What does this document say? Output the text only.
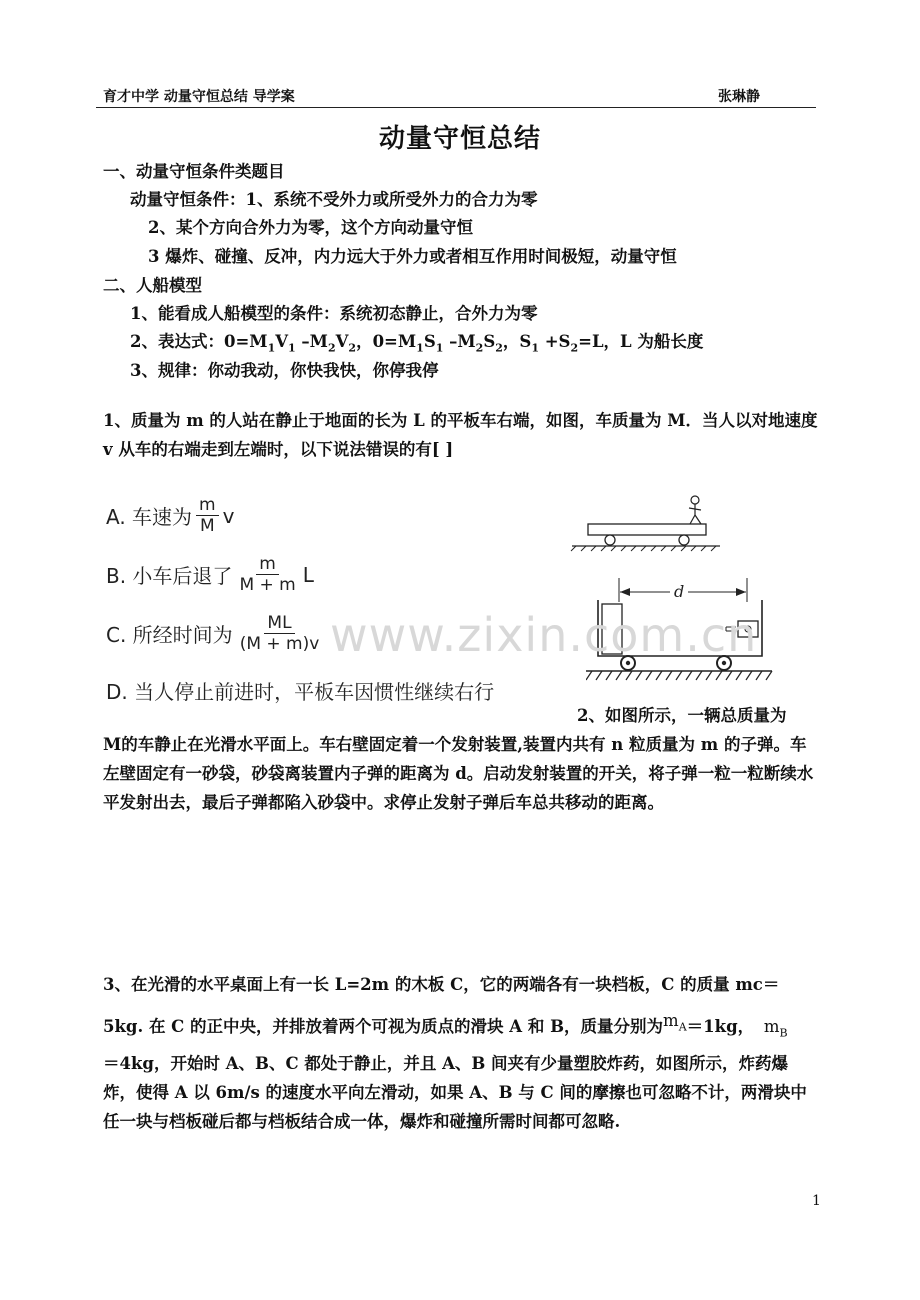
育才中学 动量守恒总结 导学案	张琳静
动量守恒总结
一、动量守恒条件类题目
动量守恒条件：1、系统不受外力或所受外力的合力为零
2、某个方向合外力为零，这个方向动量守恒
3 爆炸、碰撞、反冲，内力远大于外力或者相互作用时间极短，动量守恒
二、人船模型
1、能看成人船模型的条件：系统初态静止，合外力为零
2、表达式：$0=M_1V_1$ $-M_2V_2$，$0=M_1S_1$ $-M_2S_2$，$S_1 +S_2=L$，L 为船长度
3、规律：你动我动，你快我快，你停我停
1、质量为 m 的人站在静止于地面的长为 L 的平板车右端，如图，车质量为 M．当人以对地速度 v 从车的右端走到左端时，以下说法错误的有[ ]
A. 车速为 $\frac{m}{M}$ v
B. 小车后退了 $\frac{m}{M + m}$ L
C. 所经时间为 $\frac{ML}{(M + m)v}$
D. 当人停止前进时，平板车因惯性继续右行
d
www.zixin.com.cn
2、如图所示，一辆总质量为
M的车静止在光滑水平面上。车右壁固定着一个发射装置,装置内共有 n 粒质量为 m 的子弹。车左壁固定有一砂袋，砂袋离装置内子弹的距离为 d。启动发射装置的开关，将子弹一粒一粒断续水平发射出去，最后子弹都陷入砂袋中。求停止发射子弹后车总共移动的距离。
3、在光滑的水平桌面上有一长 L=2m 的木板 C，它的两端各有一块档板，C 的质量 mc＝
5kg. 在 C 的正中央，并排放着两个可视为质点的滑块 A 和 B，质量分别为$m_A=1kg$， $m_B$
＝4kg，开始时 A、B、C 都处于静止，并且 A、B 间夹有少量塑胶炸药，如图所示，炸药爆炸，使得 A 以 6m/s 的速度水平向左滑动，如果 A、B 与 C 间的摩擦也可忽略不计，两滑块中任一块与档板碰后都与档板结合成一体，爆炸和碰撞所需时间都可忽略.
1
